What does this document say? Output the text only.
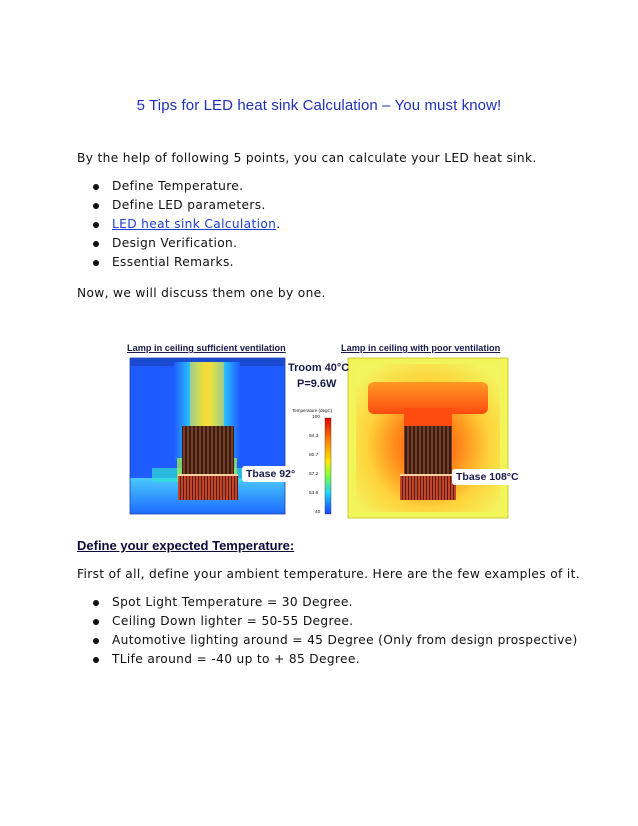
5 Tips for LED heat sink Calculation – You must know!
By the help of following 5 points, you can calculate your LED heat sink.
Define Temperature.
Define LED parameters.
LED heat sink Calculation.
Design Verification.
Essential Remarks.
Now, we will discuss them one by one.
Lamp in ceiling sufficient ventilation	Lamp in ceiling with poor ventilation
Troom 40°C
P=9.6W
Temperature (degC)
100
94.3
80.7
67.2
53.6
40
Tbase 92°	Tbase 108°C
Define your expected Temperature:
First of all, define your ambient temperature. Here are the few examples of it.
Spot Light Temperature = 30 Degree.
Ceiling Down lighter = 50-55 Degree.
Automotive lighting around = 45 Degree (Only from design prospective)
TLife around = -40 up to + 85 Degree.
